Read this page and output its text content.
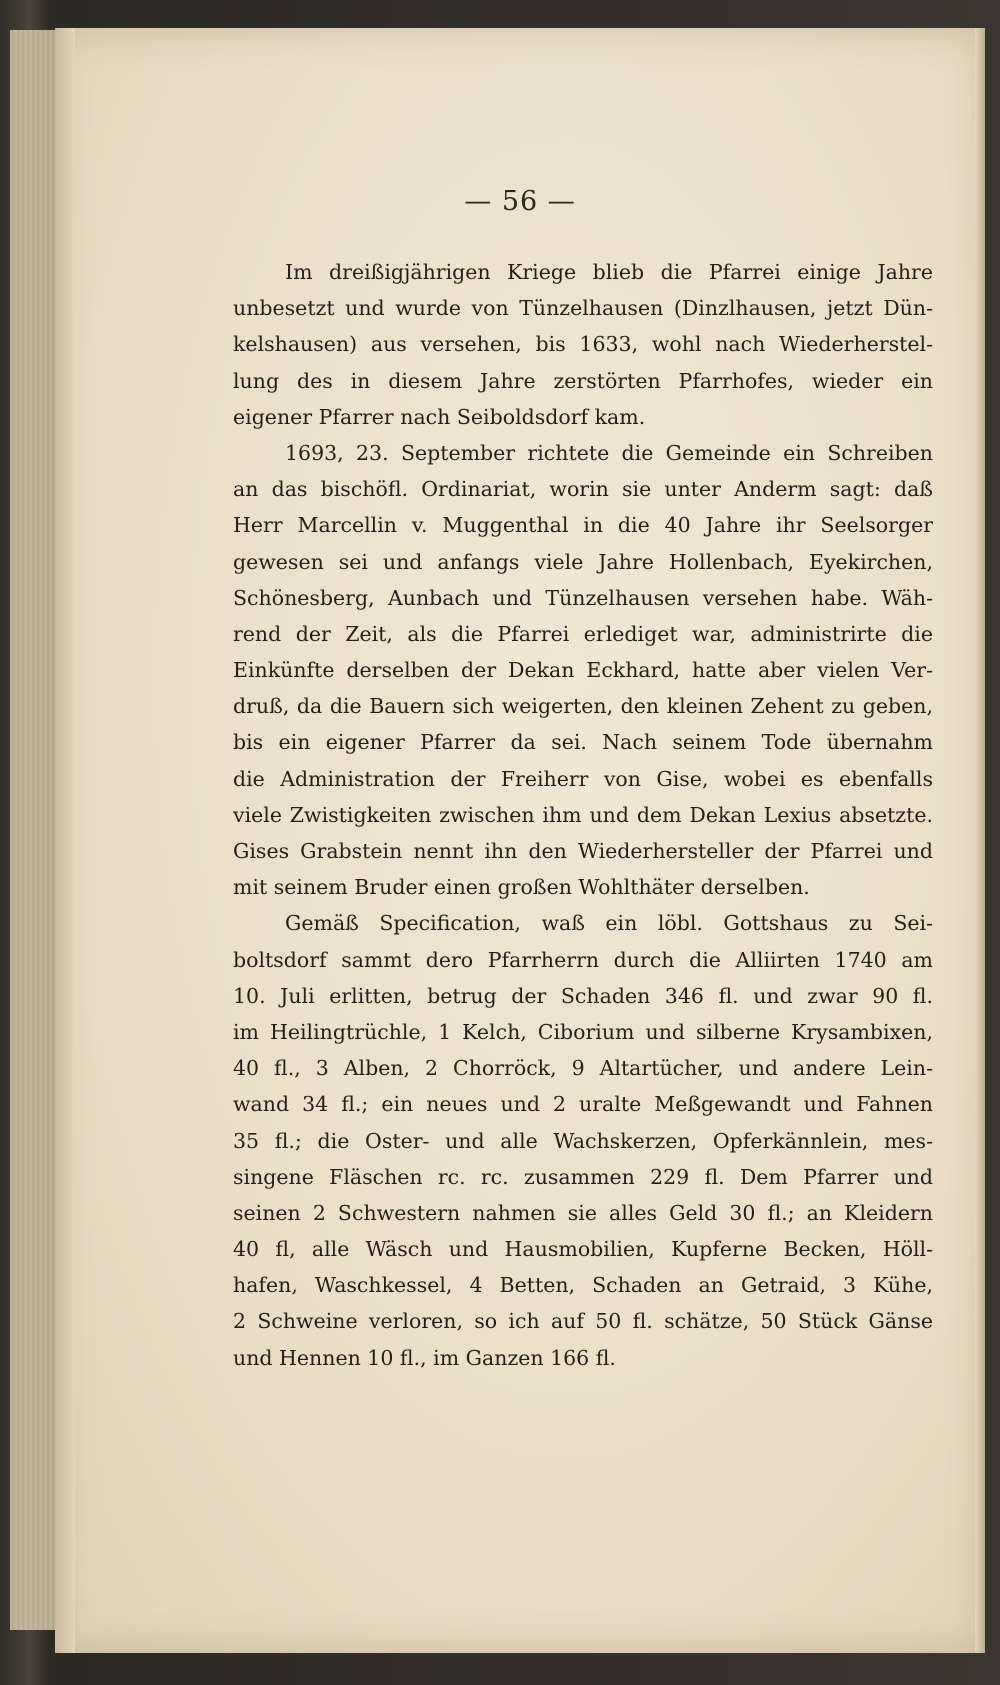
— 56 —
Im dreißigjährigen Kriege blieb die Pfarrei einige Jahre
unbesetzt und wurde von Tünzelhausen (Dinzlhausen, jetzt Dün-
kelshausen) aus versehen, bis 1633, wohl nach Wiederherstel-
lung des in diesem Jahre zerstörten Pfarrhofes, wieder ein
eigener Pfarrer nach Seiboldsdorf kam.
1693, 23. September richtete die Gemeinde ein Schreiben
an das bischöfl. Ordinariat, worin sie unter Anderm sagt: daß
Herr Marcellin v. Muggenthal in die 40 Jahre ihr Seelsorger
gewesen sei und anfangs viele Jahre Hollenbach, Eyekirchen,
Schönesberg, Aunbach und Tünzelhausen versehen habe. Wäh-
rend der Zeit, als die Pfarrei erlediget war, administrirte die
Einkünfte derselben der Dekan Eckhard, hatte aber vielen Ver-
druß, da die Bauern sich weigerten, den kleinen Zehent zu geben,
bis ein eigener Pfarrer da sei. Nach seinem Tode übernahm
die Administration der Freiherr von Gise, wobei es ebenfalls
viele Zwistigkeiten zwischen ihm und dem Dekan Lexius absetzte.
Gises Grabstein nennt ihn den Wiederhersteller der Pfarrei und
mit seinem Bruder einen großen Wohlthäter derselben.
Gemäß Specification, waß ein löbl. Gottshaus zu Sei-
boltsdorf sammt dero Pfarrherrn durch die Alliirten 1740 am
10. Juli erlitten, betrug der Schaden 346 fl. und zwar 90 fl.
im Heilingtrüchle, 1 Kelch, Ciborium und silberne Krysambixen,
40 fl., 3 Alben, 2 Chorröck, 9 Altartücher, und andere Lein-
wand 34 fl.; ein neues und 2 uralte Meßgewandt und Fahnen
35 fl.; die Oster- und alle Wachskerzen, Opferkännlein, mes-
singene Fläschen rc. rc. zusammen 229 fl. Dem Pfarrer und
seinen 2 Schwestern nahmen sie alles Geld 30 fl.; an Kleidern
40 fl, alle Wäsch und Hausmobilien, Kupferne Becken, Höll-
hafen, Waschkessel, 4 Betten, Schaden an Getraid, 3 Kühe,
2 Schweine verloren, so ich auf 50 fl. schätze, 50 Stück Gänse
und Hennen 10 fl., im Ganzen 166 fl.
